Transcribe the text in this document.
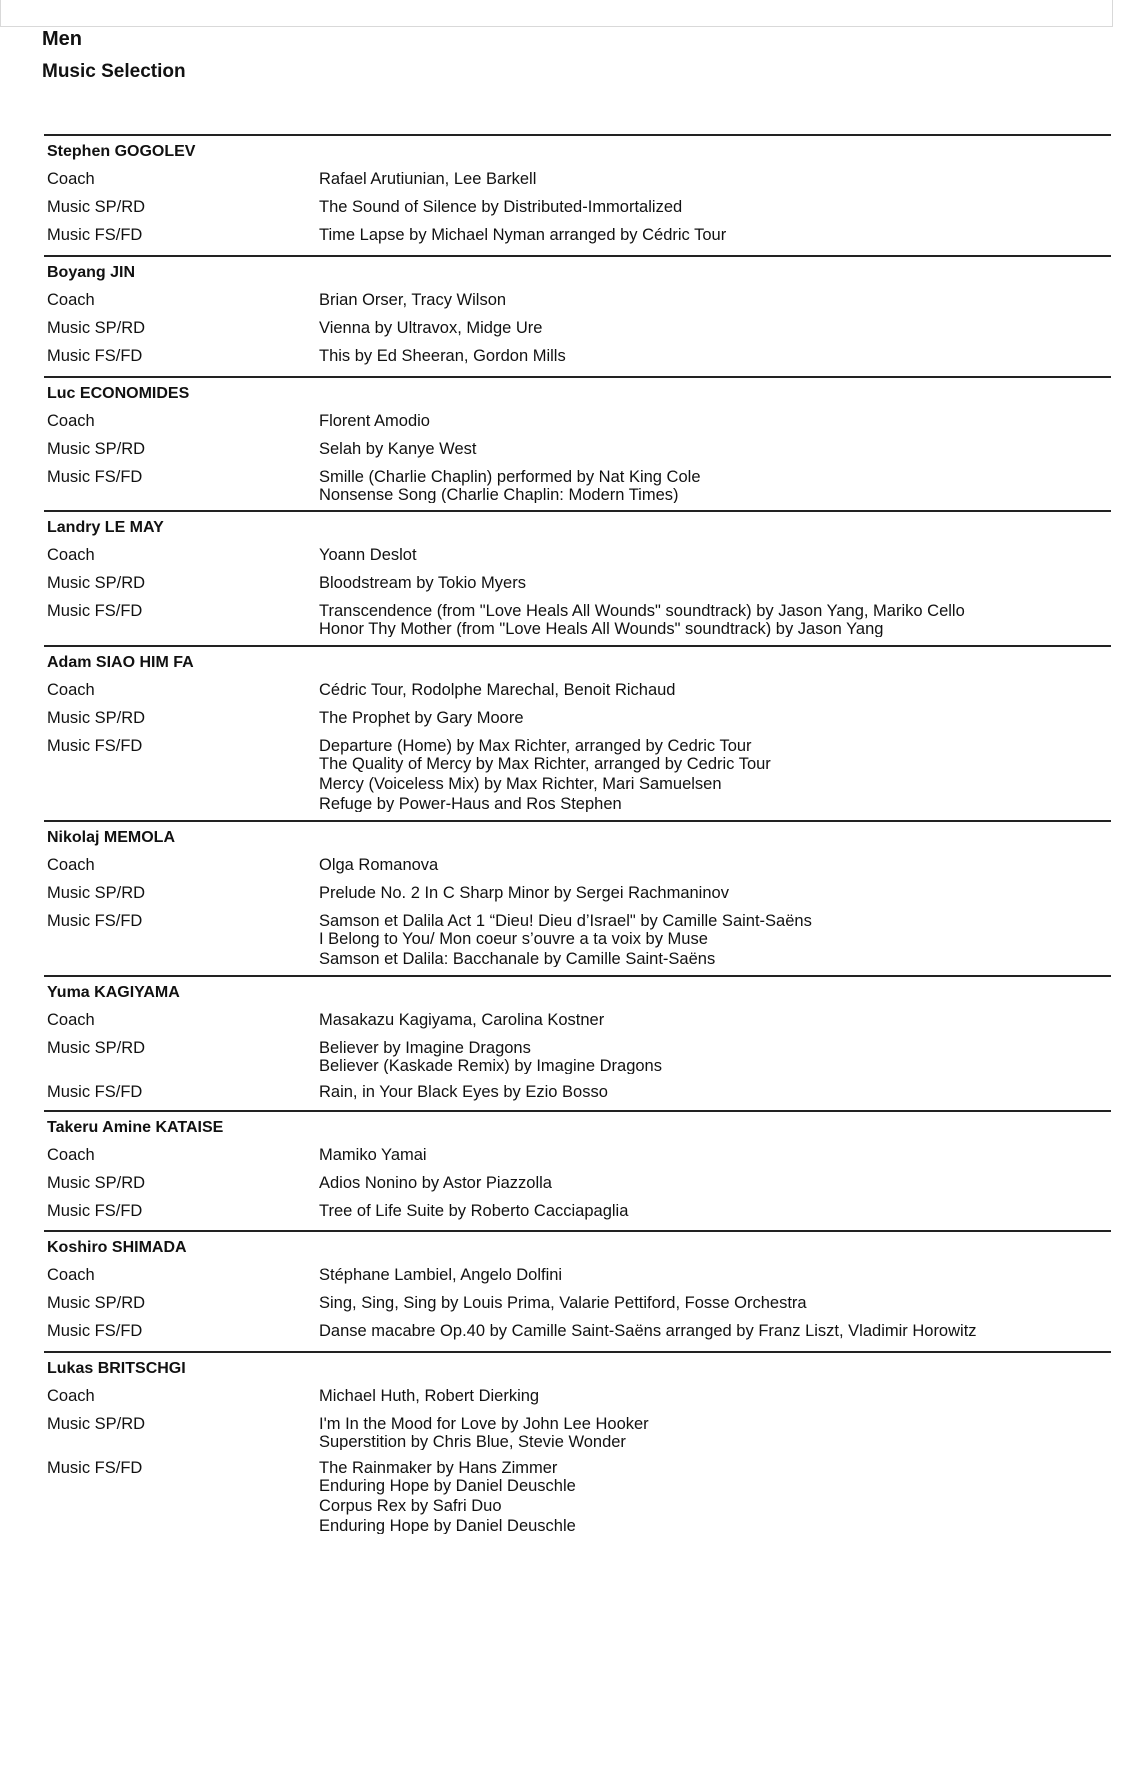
Men
Music Selection
Stephen GOGOLEV
Coach	Rafael Arutiunian, Lee Barkell
Music SP/RD	The Sound of Silence by Distributed-Immortalized
Music FS/FD	Time Lapse by Michael Nyman arranged by Cédric Tour
Boyang JIN
Coach	Brian Orser, Tracy Wilson
Music SP/RD	Vienna by Ultravox, Midge Ure
Music FS/FD	This by Ed Sheeran, Gordon Mills
Luc ECONOMIDES
Coach	Florent Amodio
Music SP/RD	Selah by Kanye West
Music FS/FD	Smille (Charlie Chaplin) performed by Nat King Cole
Nonsense Song (Charlie Chaplin: Modern Times)
Landry LE MAY
Coach	Yoann Deslot
Music SP/RD	Bloodstream by Tokio Myers
Music FS/FD	Transcendence (from "Love Heals All Wounds" soundtrack) by Jason Yang, Mariko Cello
Honor Thy Mother (from "Love Heals All Wounds" soundtrack) by Jason Yang
Adam SIAO HIM FA
Coach	Cédric Tour, Rodolphe Marechal, Benoit Richaud
Music SP/RD	The Prophet by Gary Moore
Music FS/FD	Departure (Home) by Max Richter, arranged by Cedric Tour
The Quality of Mercy by Max Richter, arranged by Cedric Tour
Mercy (Voiceless Mix) by Max Richter, Mari Samuelsen
Refuge by Power-Haus and Ros Stephen
Nikolaj MEMOLA
Coach	Olga Romanova
Music SP/RD	Prelude No. 2 In C Sharp Minor by Sergei Rachmaninov
Music FS/FD	Samson et Dalila Act 1 “Dieu! Dieu d’Israel" by Camille Saint-Saëns
I Belong to You/ Mon coeur s’ouvre a ta voix by Muse
Samson et Dalila: Bacchanale by Camille Saint-Saëns
Yuma KAGIYAMA
Coach	Masakazu Kagiyama, Carolina Kostner
Music SP/RD	Believer by Imagine Dragons
Believer (Kaskade Remix) by Imagine Dragons
Music FS/FD	Rain, in Your Black Eyes by Ezio Bosso
Takeru Amine KATAISE
Coach	Mamiko Yamai
Music SP/RD	Adios Nonino by Astor Piazzolla
Music FS/FD	Tree of Life Suite by Roberto Cacciapaglia
Koshiro SHIMADA
Coach	Stéphane Lambiel, Angelo Dolfini
Music SP/RD	Sing, Sing, Sing by Louis Prima, Valarie Pettiford, Fosse Orchestra
Music FS/FD	Danse macabre Op.40 by Camille Saint-Saëns arranged by Franz Liszt, Vladimir Horowitz
Lukas BRITSCHGI
Coach	Michael Huth, Robert Dierking
Music SP/RD	I'm In the Mood for Love by John Lee Hooker
Superstition by Chris Blue, Stevie Wonder
Music FS/FD	The Rainmaker by Hans Zimmer
Enduring Hope by Daniel Deuschle
Corpus Rex by Safri Duo
Enduring Hope by Daniel Deuschle
